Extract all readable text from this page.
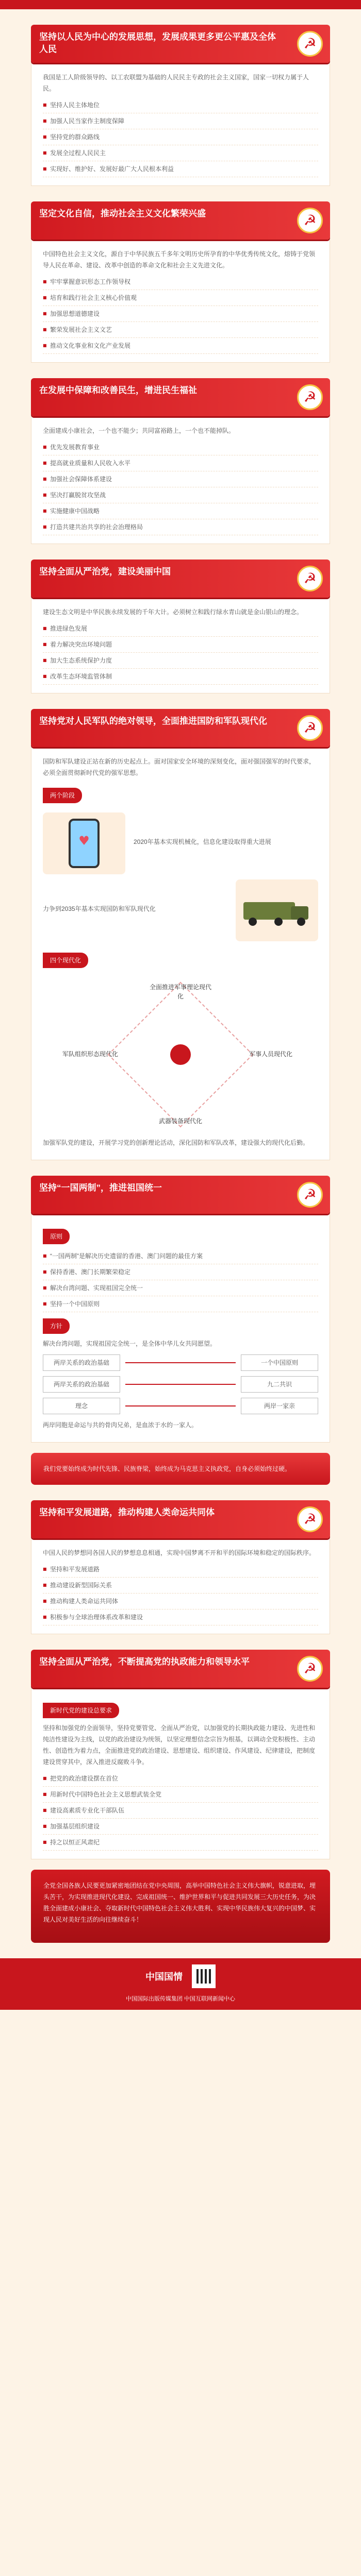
坚持以人民为中心的发展思想，发展成果更多更公平惠及全体人民
☭

我国是工人阶级领导的、以工农联盟为基础的人民民主专政的社会主义国家，国家一切权力属于人民。

■ 坚持人民主体地位
■ 加强人民当家作主制度保障
■ 坚持党的群众路线
■ 发展全过程人民民主
■ 实现好、维护好、发展好最广大人民根本利益
坚定文化自信，推动社会主义文化繁荣兴盛
☭

中国特色社会主义文化，源自于中华民族五千多年文明历史所孕育的中华优秀传统文化，熔铸于党领导人民在革命、建设、改革中创造的革命文化和社会主义先进文化。

■ 牢牢掌握意识形态工作领导权
■ 培育和践行社会主义核心价值观
■ 加强思想道德建设
■ 繁荣发展社会主义文艺
■ 推动文化事业和文化产业发展
在发展中保障和改善民生，增进民生福祉
☭

全面建成小康社会，一个也不能少；共同富裕路上，一个也不能掉队。

■ 优先发展教育事业
■ 提高就业质量和人民收入水平
■ 加强社会保障体系建设
■ 坚决打赢脱贫攻坚战
■ 实施健康中国战略
■ 打造共建共治共享的社会治理格局
坚持全面从严治党，建设美丽中国
☭

建设生态文明是中华民族永续发展的千年大计。必须树立和践行绿水青山就是金山银山的理念。

■ 推进绿色发展
■ 着力解决突出环境问题
■ 加大生态系统保护力度
■ 改革生态环境监管体制
坚持党对人民军队的绝对领导，全面推进国防和军队现代化
☭

国防和军队建设正站在新的历史起点上。面对国家安全环境的深刻变化，面对强国强军的时代要求，必须全面贯彻新时代党的强军思想。

两个阶段
♥

2020年基本实现机械化，信息化建设取得重大进展

力争到2035年基本实现国防和军队现代化

四个现代化
全面推进军事理论现代化
军队组织形态现代化	军事人员现代化
武器装备现代化

加强军队党的建设，开展学习党的创新理论活动，深化国防和军队改革，建设强大的现代化后勤。

坚持“一国两制”，推进祖国统一
☭
原则
■ “一国两制”是解决历史遗留的香港、澳门问题的最佳方案
■ 保持香港、澳门长期繁荣稳定
■ 解决台湾问题、实现祖国完全统一
■ 坚持一个中国原则
方针

解决台湾问题，实现祖国完全统一，是全体中华儿女共同愿望。

两岸关系的政治基础	一个中国原则
两岸关系的政治基础	九二共识
理念	两岸一家亲

两岸同胞是命运与共的骨肉兄弟，是血浓于水的一家人。

我们党要始终成为时代先锋、民族脊梁，始终成为马克思主义执政党，自身必须始终过硬。

坚持和平发展道路，推动构建人类命运共同体
☭

中国人民的梦想同各国人民的梦想息息相通，实现中国梦离不开和平的国际环境和稳定的国际秩序。

■ 坚持和平发展道路
■ 推动建设新型国际关系
■ 推动构建人类命运共同体
■ 积极参与全球治理体系改革和建设
坚持全面从严治党，不断提高党的执政能力和领导水平
☭
新时代党的建设总要求

坚持和加强党的全面领导，坚持党要管党、全面从严治党，以加强党的长期执政能力建设、先进性和纯洁性建设为主线，以党的政治建设为统领，以坚定理想信念宗旨为根基，以调动全党积极性、主动性、创造性为着力点，全面推进党的政治建设、思想建设、组织建设、作风建设、纪律建设，把制度建设贯穿其中，深入推进反腐败斗争。

■ 把党的政治建设摆在首位
■ 用新时代中国特色社会主义思想武装全党
■ 建设高素质专业化干部队伍
■ 加强基层组织建设
■ 持之以恒正风肃纪

全党全国各族人民要更加紧密地团结在党中央周围，高举中国特色社会主义伟大旗帜，锐意进取，埋头苦干，为实现推进现代化建设、完成祖国统一、维护世界和平与促进共同发展三大历史任务，为决胜全面建成小康社会、夺取新时代中国特色社会主义伟大胜利、实现中华民族伟大复兴的中国梦、实现人民对美好生活的向往继续奋斗！

中国国情
中国国际出版传媒集团 中国互联网新闻中心
